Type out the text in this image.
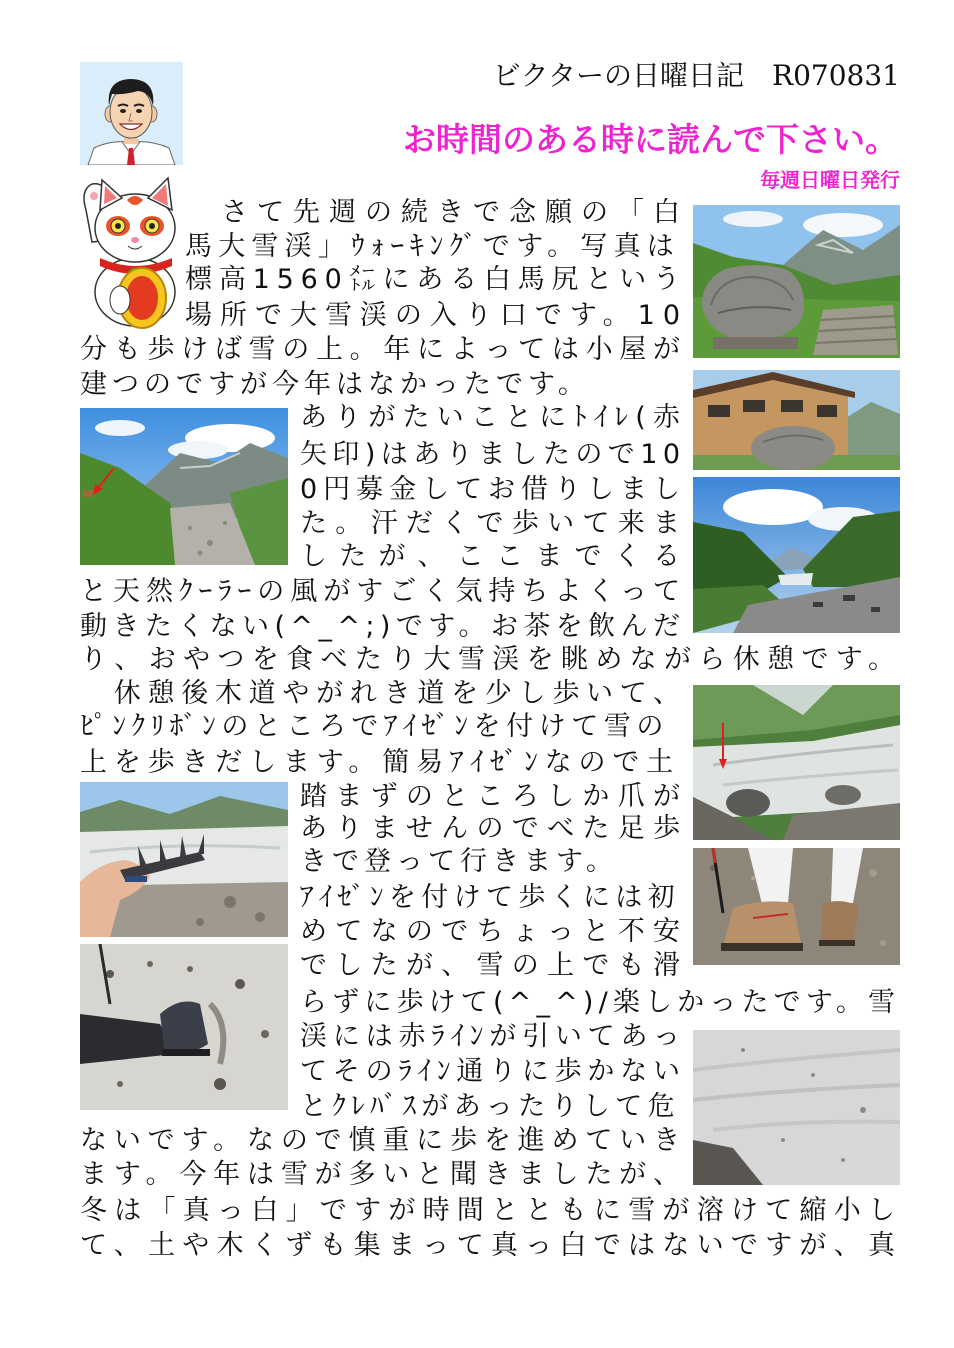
ビクターの日曜日記　R070831
お時間のある時に読んで下さい。
毎週日曜日発行
　さて先週の続きで念願の「白
馬大雪渓」ｳｫｰｷﾝｸﾞです。写真は
標高1560㍍にある白馬尻という
場所で大雪渓の入り口です。10
分も歩けば雪の上。年によっては小屋が
建つのですが今年はなかったです。
ありがたいことにﾄｲﾚ(赤
矢印)はありましたので10
0円募金してお借りしまし
た。汗だくで歩いて来ま
したが、ここまでくる
と天然ｸｰﾗｰの風がすごく気持ちよくって
動きたくない(^_^;)です。お茶を飲んだ
り、おやつを食べたり大雪渓を眺めながら休憩です。
　休憩後木道やがれき道を少し歩いて、
ﾋﾟﾝｸﾘﾎﾞﾝのところでｱｲｾﾞﾝを付けて雪の
上を歩きだします。簡易ｱｲｾﾞﾝなので土
踏まずのところしか爪が
ありませんのでべた足歩
きで登って行きます。
ｱｲｾﾞﾝを付けて歩くには初
めてなのでちょっと不安
でしたが、雪の上でも滑
らずに歩けて(^_^)/楽しかったです。雪
渓には赤ﾗｲﾝが引いてあっ
てそのﾗｲﾝ通りに歩かない
とｸﾚﾊﾞｽがあったりして危
ないです。なので慎重に歩を進めていき
ます。今年は雪が多いと聞きましたが、
冬は「真っ白」ですが時間とともに雪が溶けて縮小し
て、土や木くずも集まって真っ白ではないですが、真
